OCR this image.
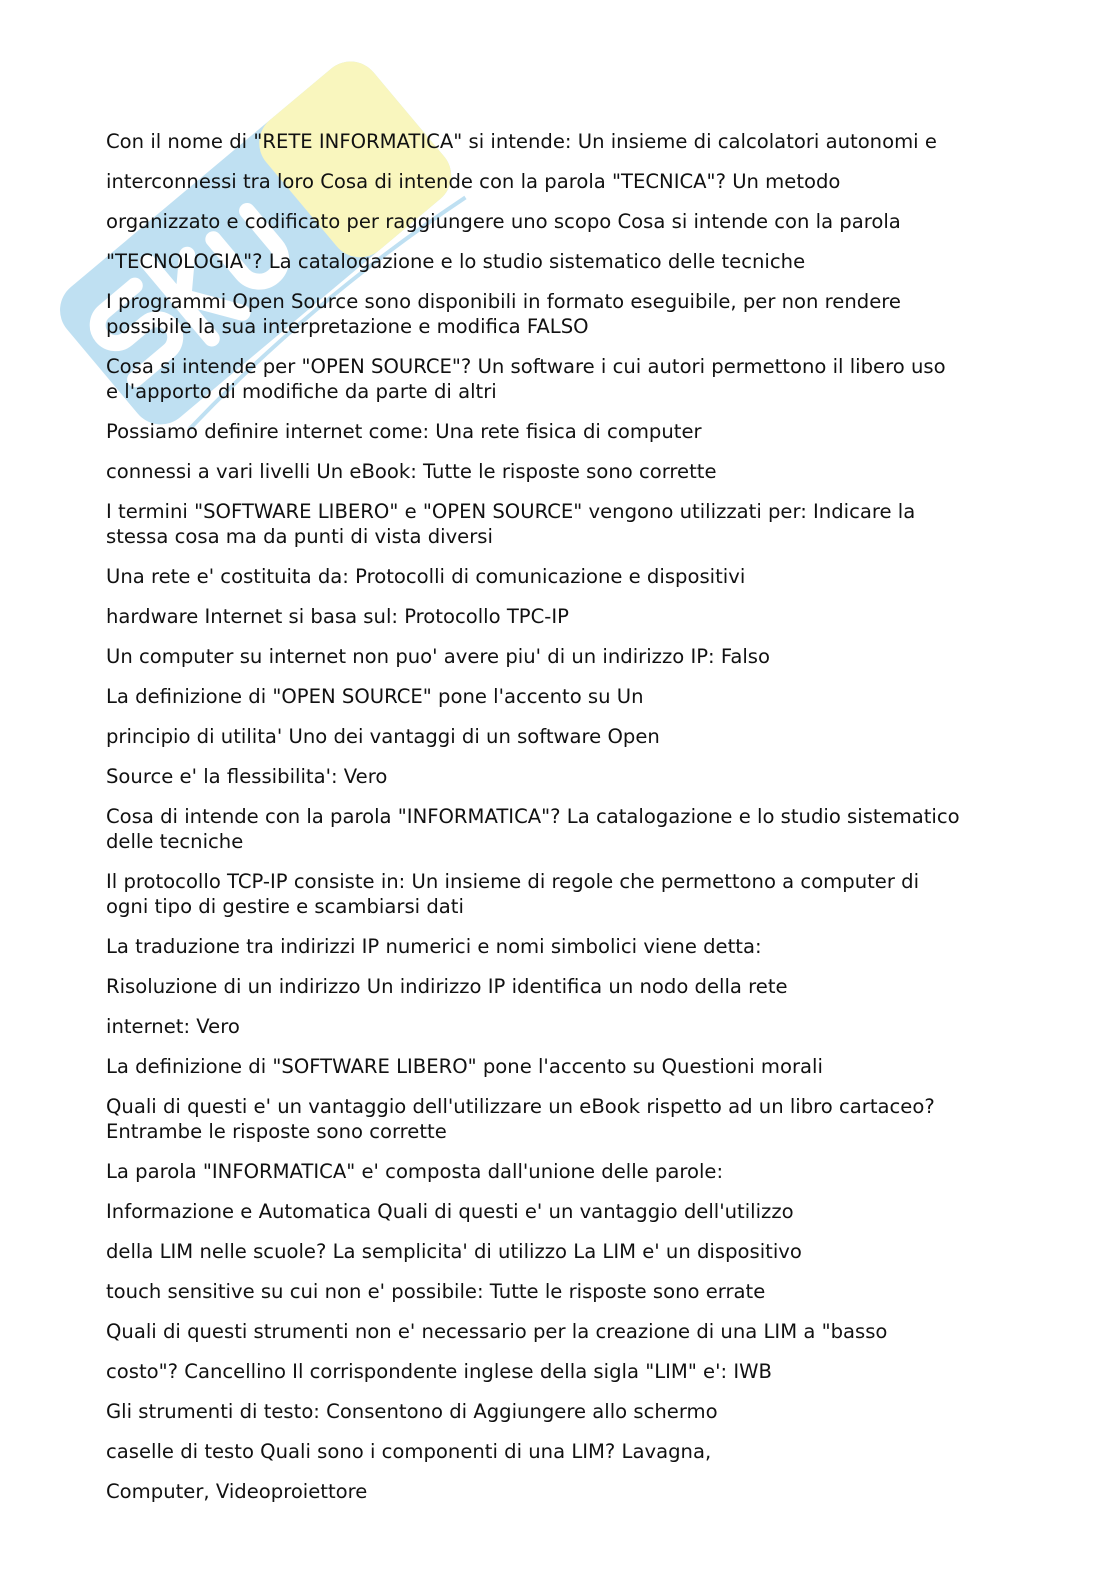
Con il nome di "RETE INFORMATICA" si intende: Un insieme di calcolatori autonomi e
interconnessi tra loro Cosa di intende con la parola "TECNICA"? Un metodo
organizzato e codificato per raggiungere uno scopo Cosa si intende con la parola
"TECNOLOGIA"? La catalogazione e lo studio sistematico delle tecniche
I programmi Open Source sono disponibili in formato eseguibile, per non rendere
possibile la sua interpretazione e modifica FALSO
Cosa si intende per "OPEN SOURCE"? Un software i cui autori permettono il libero uso
e l'apporto di modifiche da parte di altri
Possiamo definire internet come: Una rete fisica di computer
connessi a vari livelli Un eBook: Tutte le risposte sono corrette
I termini "SOFTWARE LIBERO" e "OPEN SOURCE" vengono utilizzati per: Indicare la
stessa cosa ma da punti di vista diversi
Una rete e' costituita da: Protocolli di comunicazione e dispositivi
hardware Internet si basa sul: Protocollo TPC-IP
Un computer su internet non puo' avere piu' di un indirizzo IP: Falso
La definizione di "OPEN SOURCE" pone l'accento su Un
principio di utilita' Uno dei vantaggi di un software Open
Source e' la flessibilita': Vero
Cosa di intende con la parola "INFORMATICA"? La catalogazione e lo studio sistematico
delle tecniche
Il protocollo TCP-IP consiste in: Un insieme di regole che permettono a computer di
ogni tipo di gestire e scambiarsi dati
La traduzione tra indirizzi IP numerici e nomi simbolici viene detta:
Risoluzione di un indirizzo Un indirizzo IP identifica un nodo della rete
internet: Vero
La definizione di "SOFTWARE LIBERO" pone l'accento su Questioni morali
Quali di questi e' un vantaggio dell'utilizzare un eBook rispetto ad un libro cartaceo?
Entrambe le risposte sono corrette
La parola "INFORMATICA" e' composta dall'unione delle parole:
Informazione e Automatica Quali di questi e' un vantaggio dell'utilizzo
della LIM nelle scuole? La semplicita' di utilizzo La LIM e' un dispositivo
touch sensitive su cui non e' possibile: Tutte le risposte sono errate
Quali di questi strumenti non e' necessario per la creazione di una LIM a "basso
costo"? Cancellino Il corrispondente inglese della sigla "LIM" e': IWB
Gli strumenti di testo: Consentono di Aggiungere allo schermo
caselle di testo Quali sono i componenti di una LIM? Lavagna,
Computer, Videoproiettore
